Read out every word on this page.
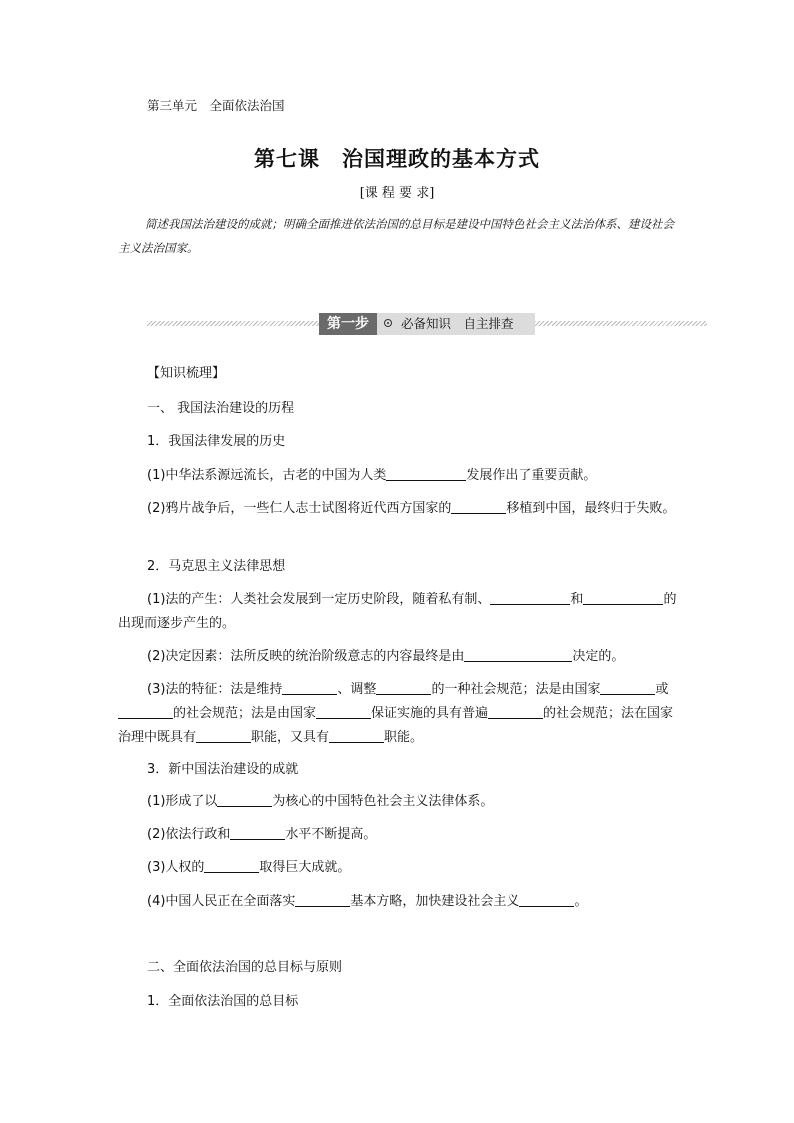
第三单元　全面依法治国
第七课　治国理政的基本方式
[课 程 要 求]
简述我国法治建设的成就；明确全面推进依法治国的总目标是建设中国特色社会主义法治体系、建设社会主义法治国家。
第一步	必备知识　自主排查
【知识梳理】
一、 我国法治建设的历程
1．我国法律发展的历史
(1)中华法系源远流长，古老的中国为人类	发展作出了重要贡献。
(2)鸦片战争后，一些仁人志士试图将近代西方国家的	移植到中国，最终归于失败。
2．马克思主义法律思想
(1)法的产生：人类社会发展到一定历史阶段，随着私有制、	和	的出现而逐步产生的。
(2)决定因素：法所反映的统治阶级意志的内容最终是由	决定的。
(3)法的特征：法是维持	、调整	的一种社会规范；法是由国家	或的社会规范；法是由国家	保证实施的具有普遍	的社会规范；法在国家治理中既具有	职能，又具有	职能。
3．新中国法治建设的成就
(1)形成了以	为核心的中国特色社会主义法律体系。
(2)依法行政和	水平不断提高。
(3)人权的	取得巨大成就。
(4)中国人民正在全面落实	基本方略，加快建设社会主义	。
二、全面依法治国的总目标与原则
1．全面依法治国的总目标
